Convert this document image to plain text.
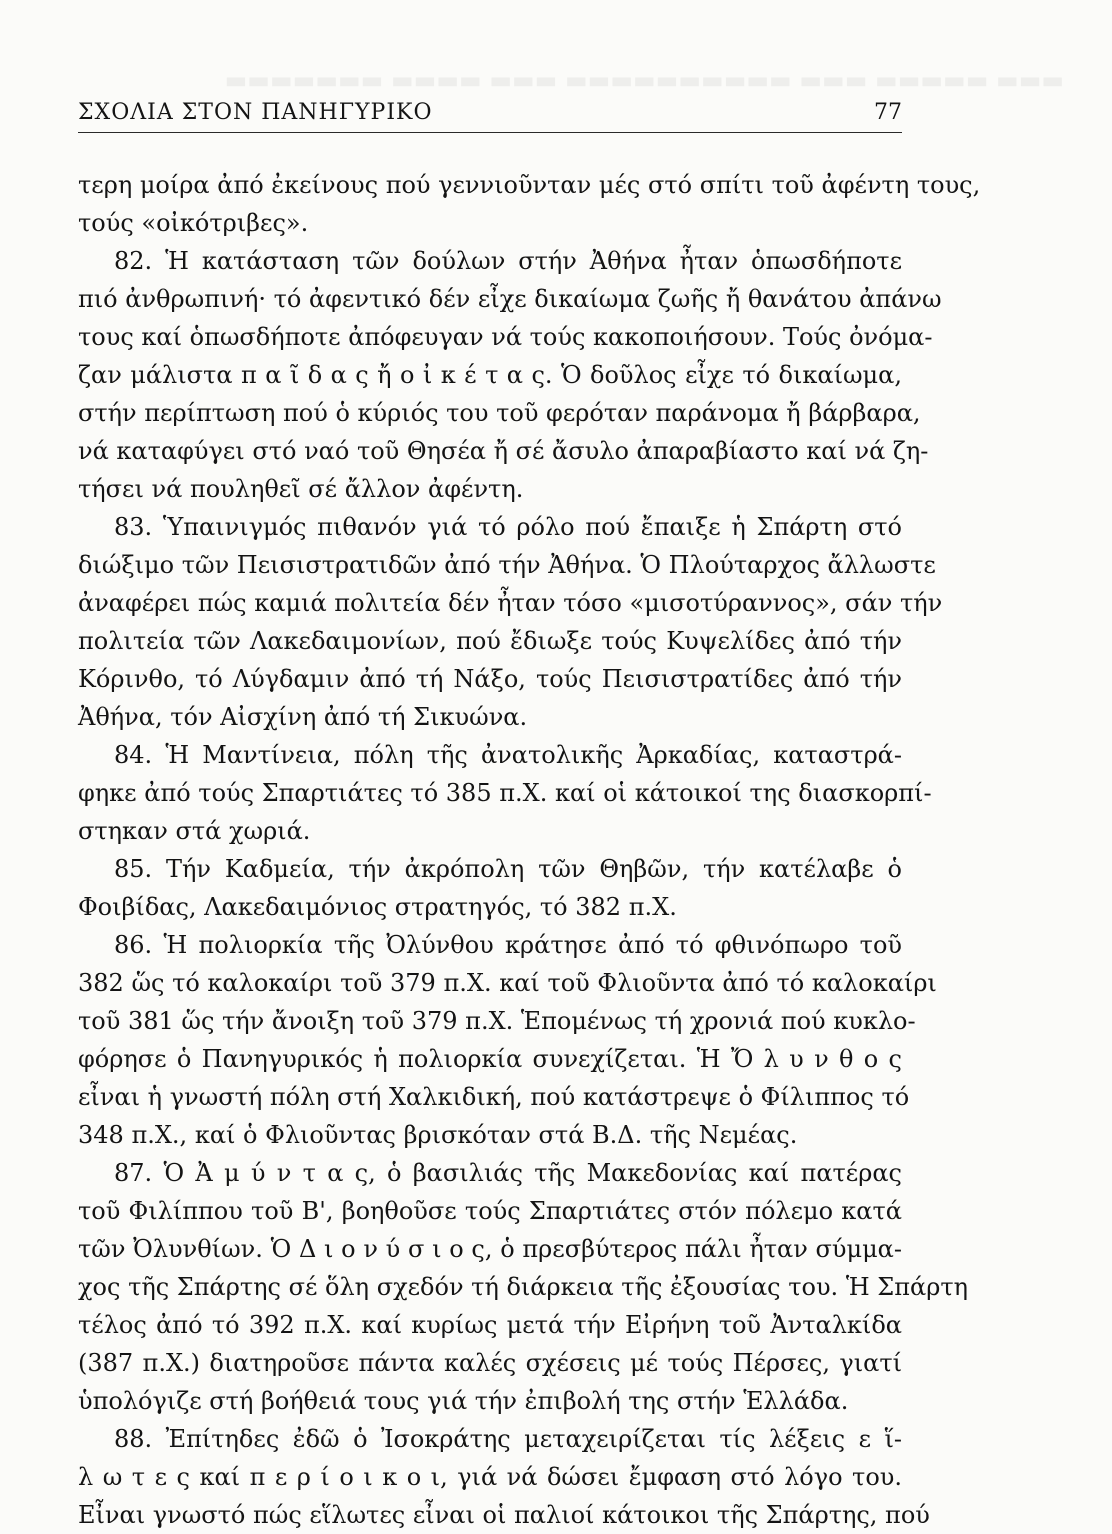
▬▬▬ ▬▬▬▬▬ ▬▬▬ ▬▬▬▬▬▬▬▬▬▬ ▬▬▬ ▬▬▬▬ ▬▬▬▬▬▬▬
ΣΧΟΛΙΑ ΣΤΟΝ ΠΑΝΗΓΥΡΙΚΟ	77
τερη μοίρα ἀπό ἐκείνους πού γεννιοῦνταν μές στό σπίτι τοῦ ἀφέντη τους,
τούς «οἰκότριβες».
82. Ἡ κατάσταση τῶν δούλων στήν Ἀθήνα ἦταν ὁπωσδήποτε
πιό ἀνθρωπινή· τό ἀφεντικό δέν εἶχε δικαίωμα ζωῆς ἤ θανάτου ἀπάνω
τους καί ὁπωσδήποτε ἀπόφευγαν νά τούς κακοποιήσουν. Τούς ὀνόμα-
ζαν μάλιστα π α ῖ δ α ς ἤ ο ἰ κ έ τ α ς. Ὁ δοῦλος εἶχε τό δικαίωμα,
στήν περίπτωση πού ὁ κύριός του τοῦ φερόταν παράνομα ἤ βάρβαρα,
νά καταφύγει στό ναό τοῦ Θησέα ἤ σέ ἄσυλο ἀπαραβίαστο καί νά ζη-
τήσει νά πουληθεῖ σέ ἄλλον ἀφέντη.
83. Ὑπαινιγμός πιθανόν γιά τό ρόλο πού ἔπαιξε ἡ Σπάρτη στό
διώξιμο τῶν Πεισιστρατιδῶν ἀπό τήν Ἀθήνα. Ὁ Πλούταρχος ἄλλωστε
ἀναφέρει πώς καμιά πολιτεία δέν ἦταν τόσο «μισοτύραννος», σάν τήν
πολιτεία τῶν Λακεδαιμονίων, πού ἔδιωξε τούς Κυψελίδες ἀπό τήν
Κόρινθο, τό Λύγδαμιν ἀπό τή Νάξο, τούς Πεισιστρατίδες ἀπό τήν
Ἀθήνα, τόν Αἰσχίνη ἀπό τή Σικυώνα.
84. Ἡ Μαντίνεια, πόλη τῆς ἀνατολικῆς Ἀρκαδίας, καταστρά-
φηκε ἀπό τούς Σπαρτιάτες τό 385 π.Χ. καί οἱ κάτοικοί της διασκορπί-
στηκαν στά χωριά.
85. Τήν Καδμεία, τήν ἀκρόπολη τῶν Θηβῶν, τήν κατέλαβε ὁ
Φοιβίδας, Λακεδαιμόνιος στρατηγός, τό 382 π.Χ.
86. Ἡ πολιορκία τῆς Ὀλύνθου κράτησε ἀπό τό φθινόπωρο τοῦ
382 ὥς τό καλοκαίρι τοῦ 379 π.Χ. καί τοῦ Φλιοῦντα ἀπό τό καλοκαίρι
τοῦ 381 ὥς τήν ἄνοιξη τοῦ 379 π.Χ. Ἑπομένως τή χρονιά πού κυκλο-
φόρησε ὁ Πανηγυρικός ἡ πολιορκία συνεχίζεται. Ἡ Ὄ λ υ ν θ ο ς
εἶναι ἡ γνωστή πόλη στή Χαλκιδική, πού κατάστρεψε ὁ Φίλιππος τό
348 π.Χ., καί ὁ Φλιοῦντας βρισκόταν στά Β.Δ. τῆς Νεμέας.
87. Ὁ Ἀ μ ύ ν τ α ς, ὁ βασιλιάς τῆς Μακεδονίας καί πατέρας
τοῦ Φιλίππου τοῦ Β', βοηθοῦσε τούς Σπαρτιάτες στόν πόλεμο κατά
τῶν Ὀλυνθίων. Ὁ Δ ι ο ν ύ σ ι ο ς, ὁ πρεσβύτερος πάλι ἦταν σύμμα-
χος τῆς Σπάρτης σέ ὅλη σχεδόν τή διάρκεια τῆς ἐξουσίας του. Ἡ Σπάρτη
τέλος ἀπό τό 392 π.Χ. καί κυρίως μετά τήν Εἰρήνη τοῦ Ἀνταλκίδα
(387 π.Χ.) διατηροῦσε πάντα καλές σχέσεις μέ τούς Πέρσες, γιατί
ὑπολόγιζε στή βοήθειά τους γιά τήν ἐπιβολή της στήν Ἑλλάδα.
88. Ἐπίτηδες ἐδῶ ὁ Ἰσοκράτης μεταχειρίζεται τίς λέξεις ε ἵ-
λ ω τ ε ς καί π ε ρ ί ο ι κ ο ι, γιά νά δώσει ἔμφαση στό λόγο του.
Εἶναι γνωστό πώς εἵλωτες εἶναι οἱ παλιοί κάτοικοι τῆς Σπάρτης, πού
